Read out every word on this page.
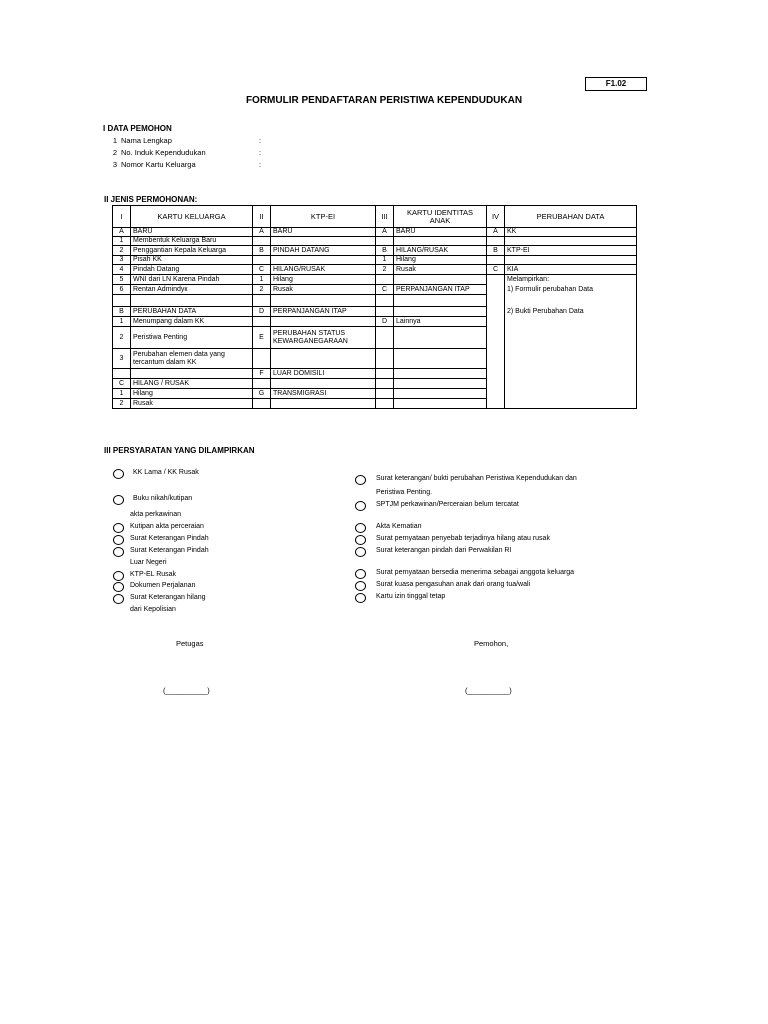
F1.02
FORMULIR PENDAFTARAN PERISTIWA KEPENDUDUKAN
I DATA PEMOHON
1 Nama Lengkap	:
2 No. Induk Kependudukan	:
3 Nomor Kartu Keluarga	:
II JENIS PERMOHONAN:
I	KARTU KELUARGA	II	KTP-EI	III	KARTU IDENTITAS ANAK	IV	PERUBAHAN DATA
A	BARU	A	BARU	A	BARU	A	KK
1	Membentuk Keluarga Baru						
2	Penggantian Kepala Keluarga	B	PINDAH DATANG	B	HILANG/RUSAK	B	KTP-EI
3	Pisah KK			1	Hilang		
4	Pindah Datang	C	HILANG/RUSAK	2	Rusak	C	KIA
5	WNI dari LN Karena Pindah	1	Hilang				Melampirkan:
6	Rentan Admindук	2	Rusak	C	PERPANJANGAN ITAP		1) Formulir perubahan Data

B	PERUBAHAN DATA	D	PERPANJANGAN ITAP				2) Bukti Perubahan Data
1	Menumpang dalam KK			D	Lainnya		
2	Peristiwa Penting	E	PERUBAHAN STATUS KEWARGANEGARAAN				
3	Perubahan elemen data yang tercantum dalam KK						
		F	LUAR DOMISILI				
C	HILANG / RUSAK						
1	Hilang	G	TRANSMIGRASI				
2	Rusak						
III PERSYARATAN YANG DILAMPIRKAN
KK Lama / KK Rusak
Buku nikah/kutipan
akta perkawinan
Kutipan akta perceraian
Surat Keterangan Pindah
Surat Keterangan Pindah
Luar Negeri
KTP-EL Rusak
Dokumen Perjalanan
Surat Keterangan hilang
dari Kepolisian
Surat keterangan/ bukti perubahan Peristiwa Kependudukan dan
Peristiwa Penting.
SPTJM perkawinan/Perceraian belum tercatat
Akta Kematian
Surat pernyataan penyebab terjadinya hilang atau rusak
Surat keterangan pindah dari Perwakilan RI
Surat pernyataan bersedia menerima sebagai anggota keluarga
Surat kuasa pengasuhan anak dari orang tua/wali
Kartu izin tinggal tetap
Petugas	Pemohon,
(__________)	(__________)
